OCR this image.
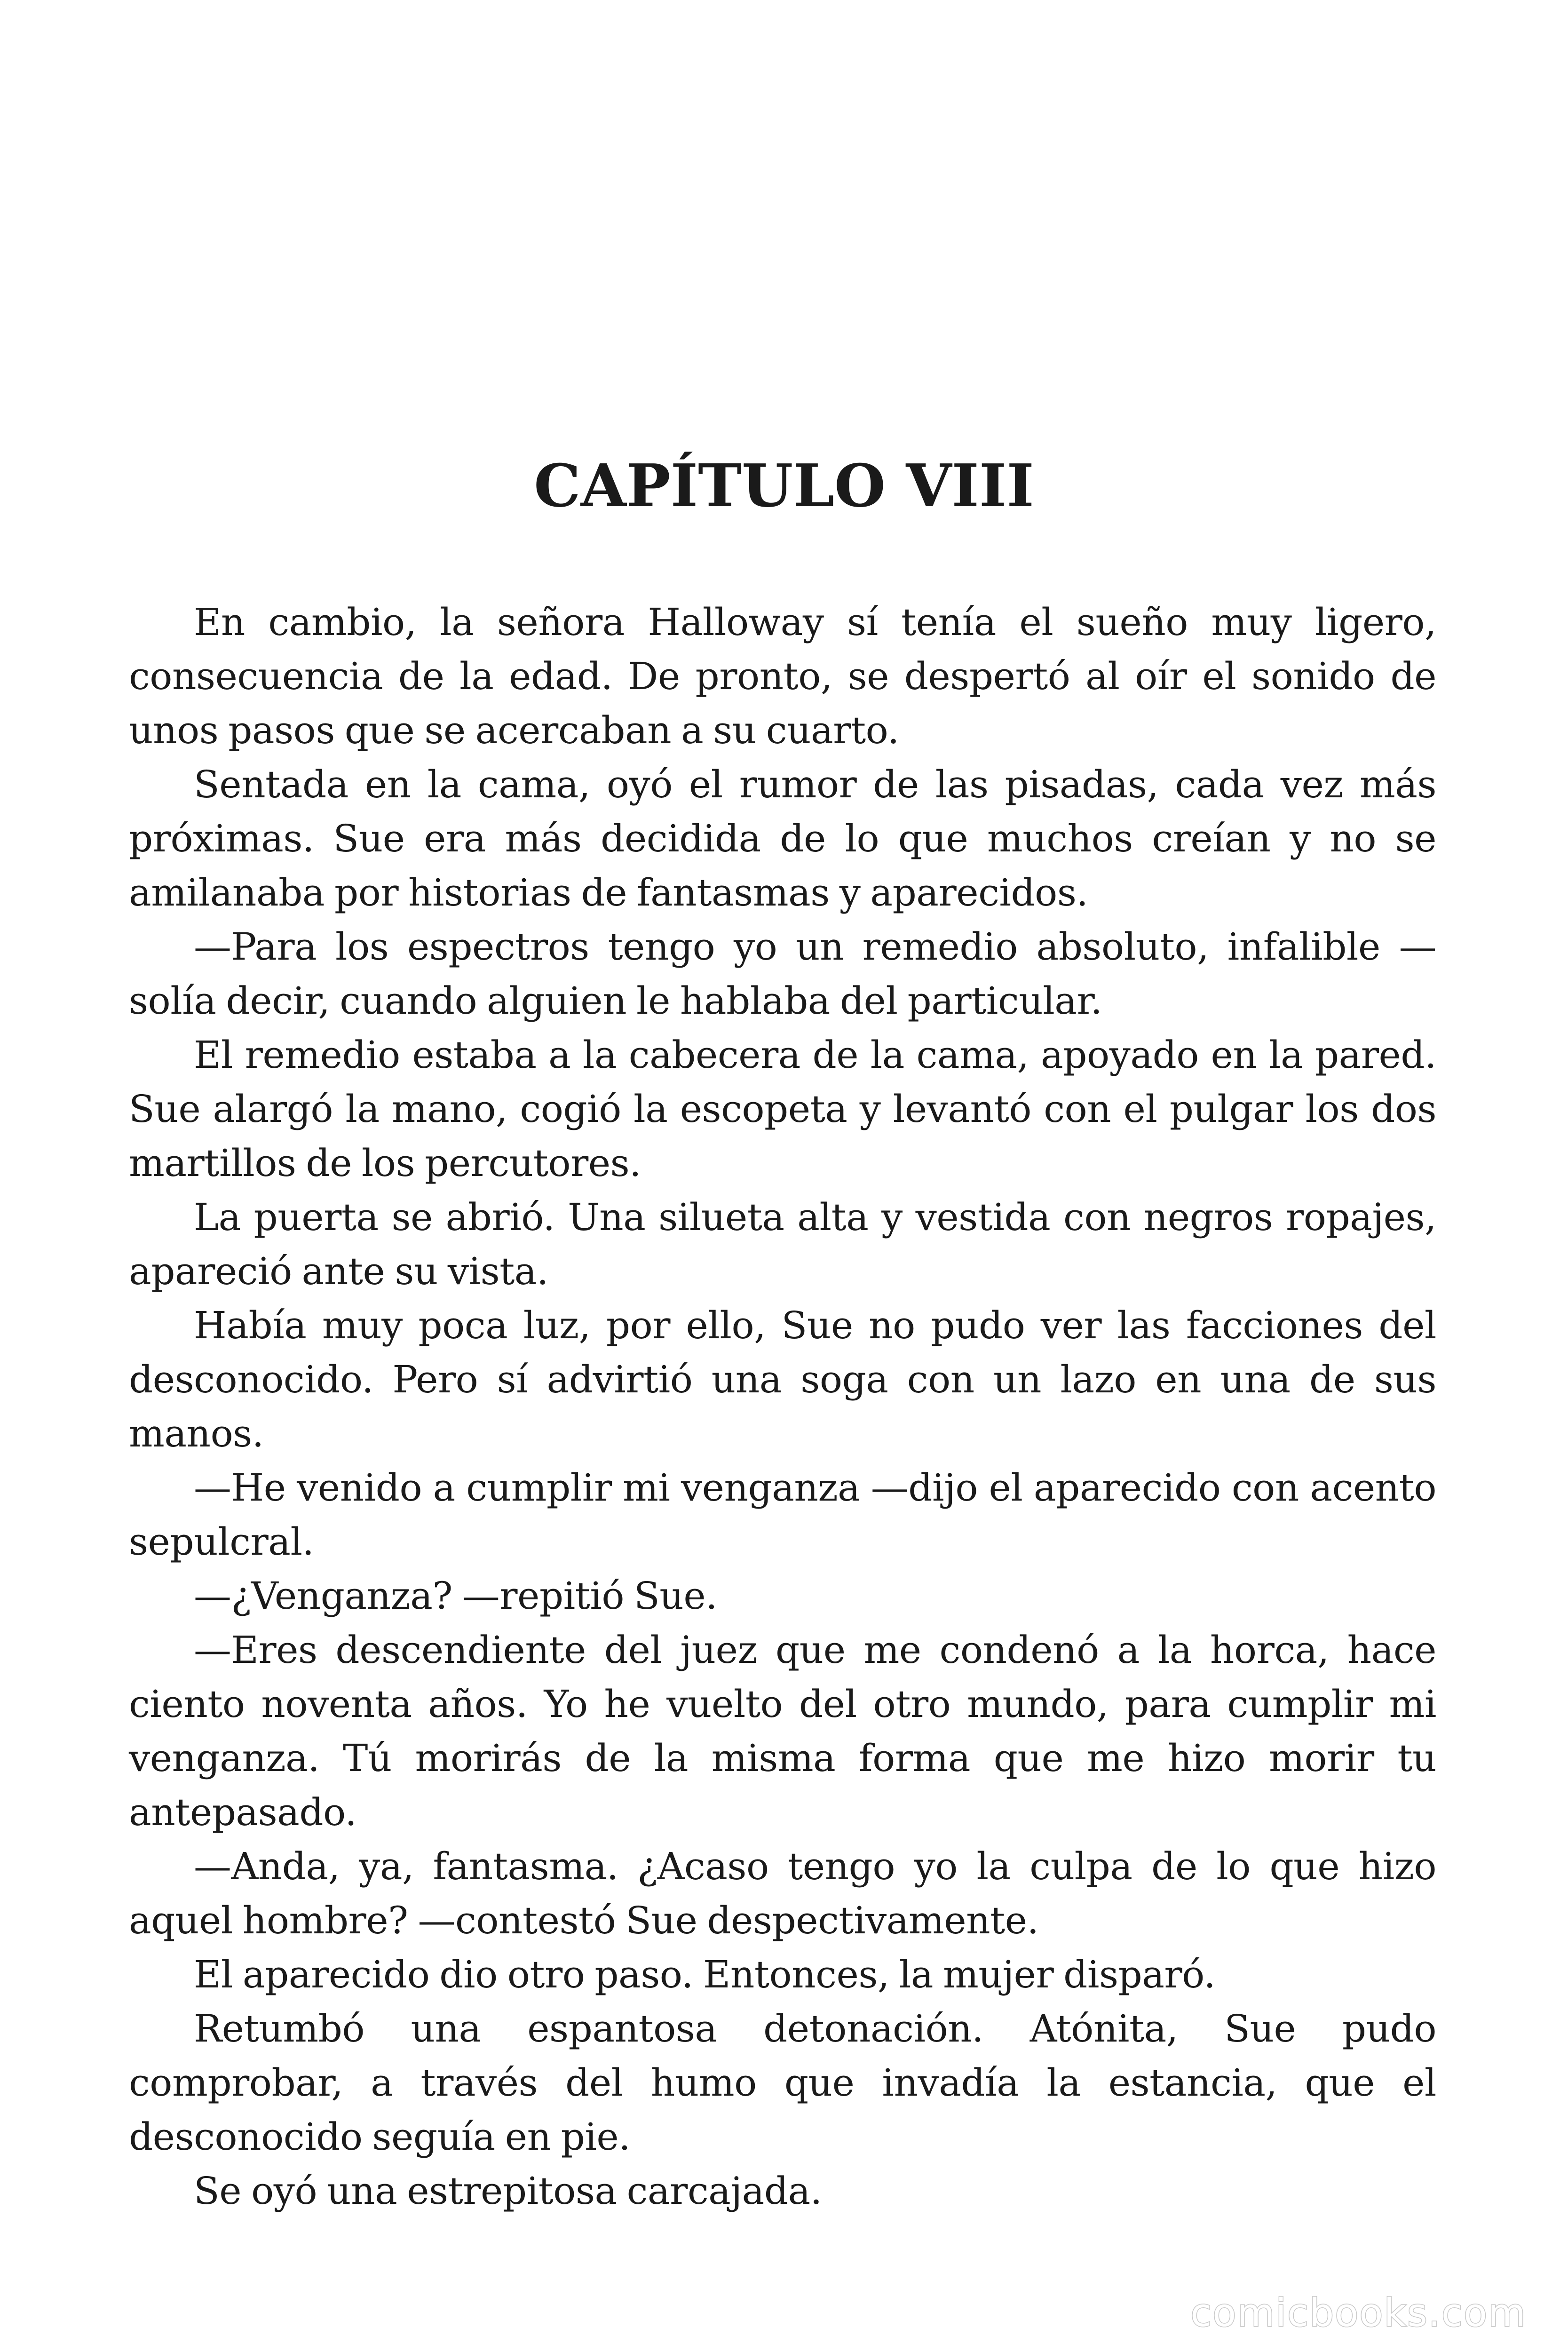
CAPÍTULO VIII

En cambio, la señora Halloway sí tenía el sueño muy ligero, consecuencia de la edad. De pronto, se despertó al oír el sonido de unos pasos que se acercaban a su cuarto.

Sentada en la cama, oyó el rumor de las pisadas, cada vez más próximas. Sue era más decidida de lo que muchos creían y no se amilanaba por historias de fantasmas y aparecidos.

—Para los espectros tengo yo un remedio absoluto, infalible —solía decir, cuando alguien le hablaba del particular.

El remedio estaba a la cabecera de la cama, apoyado en la pared. Sue alargó la mano, cogió la escopeta y levantó con el pulgar los dos martillos de los percutores.

La puerta se abrió. Una silueta alta y vestida con negros ropajes, apareció ante su vista.

Había muy poca luz, por ello, Sue no pudo ver las facciones del desconocido. Pero sí advirtió una soga con un lazo en una de sus manos.

—He venido a cumplir mi venganza —dijo el aparecido con acento sepulcral.

—¿Venganza? —repitió Sue.

—Eres descendiente del juez que me condenó a la horca, hace ciento noventa años. Yo he vuelto del otro mundo, para cumplir mi venganza. Tú morirás de la misma forma que me hizo morir tu antepasado.

—Anda, ya, fantasma. ¿Acaso tengo yo la culpa de lo que hizo aquel hombre? —contestó Sue despectivamente.

El aparecido dio otro paso. Entonces, la mujer disparó.

Retumbó una espantosa detonación. Atónita, Sue pudo comprobar, a través del humo que invadía la estancia, que el desconocido seguía en pie.

Se oyó una estrepitosa carcajada.

comicbooks.com
